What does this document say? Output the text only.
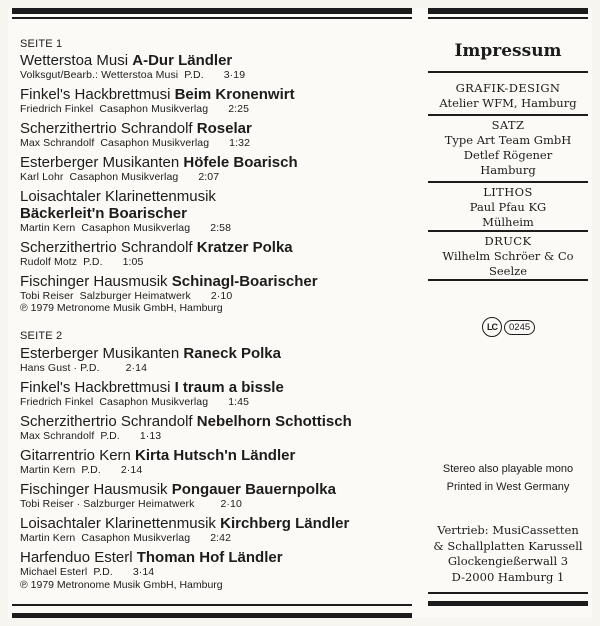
SEITE 1
Wetterstoa Musi A-Dur Ländler
Volksgut/Bearb.: Wetterstoa Musi P.D. 3·19
Finkel's Hackbrettmusi Beim Kronenwirt
Friedrich Finkel Casaphon Musikverlag 2:25
Scherzithertrio Schrandolf Roselar
Max Schrandolf Casaphon Musikverlag 1:32
Esterberger Musikanten Höfele Boarisch
Karl Lohr Casaphon Musikverlag 2:07
Loisachtaler Klarinettenmusik
Bäckerleit'n Boarischer
Martin Kern Casaphon Musikverlag 2:58
Scherzithertrio Schrandolf Kratzer Polka
Rudolf Motz P.D. 1:05
Fischinger Hausmusik Schinagl-Boarischer
Tobi Reiser Salzburger Heimatwerk 2·10
℗ 1979 Metronome Musik GmbH, Hamburg
SEITE 2
Esterberger Musikanten Raneck Polka
Hans Gust · P.D. 2·14
Finkel's Hackbrettmusi I traum a bissle
Friedrich Finkel Casaphon Musikverlag 1:45
Scherzithertrio Schrandolf Nebelhorn Schottisch
Max Schrandolf P.D. 1·13
Gitarrentrio Kern Kirta Hutsch'n Ländler
Martin Kern P.D. 2·14
Fischinger Hausmusik Pongauer Bauernpolka
Tobi Reiser · Salzburger Heimatwerk 2·10
Loisachtaler Klarinettenmusik Kirchberg Ländler
Martin Kern Casaphon Musikverlag 2:42
Harfenduo Esterl Thoman Hof Ländler
Michael Esterl P.D. 3·14
℗ 1979 Metronome Musik GmbH, Hamburg
Impressum
GRAFIK-DESIGN
Atelier WFM, Hamburg
SATZ
Type Art Team GmbH
Detlef Rögener
Hamburg
LITHOS
Paul Pfau KG
Mülheim
DRUCK
Wilhelm Schröer & Co
Seelze
LC	0245
Stereo also playable mono
Printed in West Germany
Vertrieb: MusiCassetten
& Schallplatten Karussell
Glockengießerwall 3
D-2000 Hamburg 1
